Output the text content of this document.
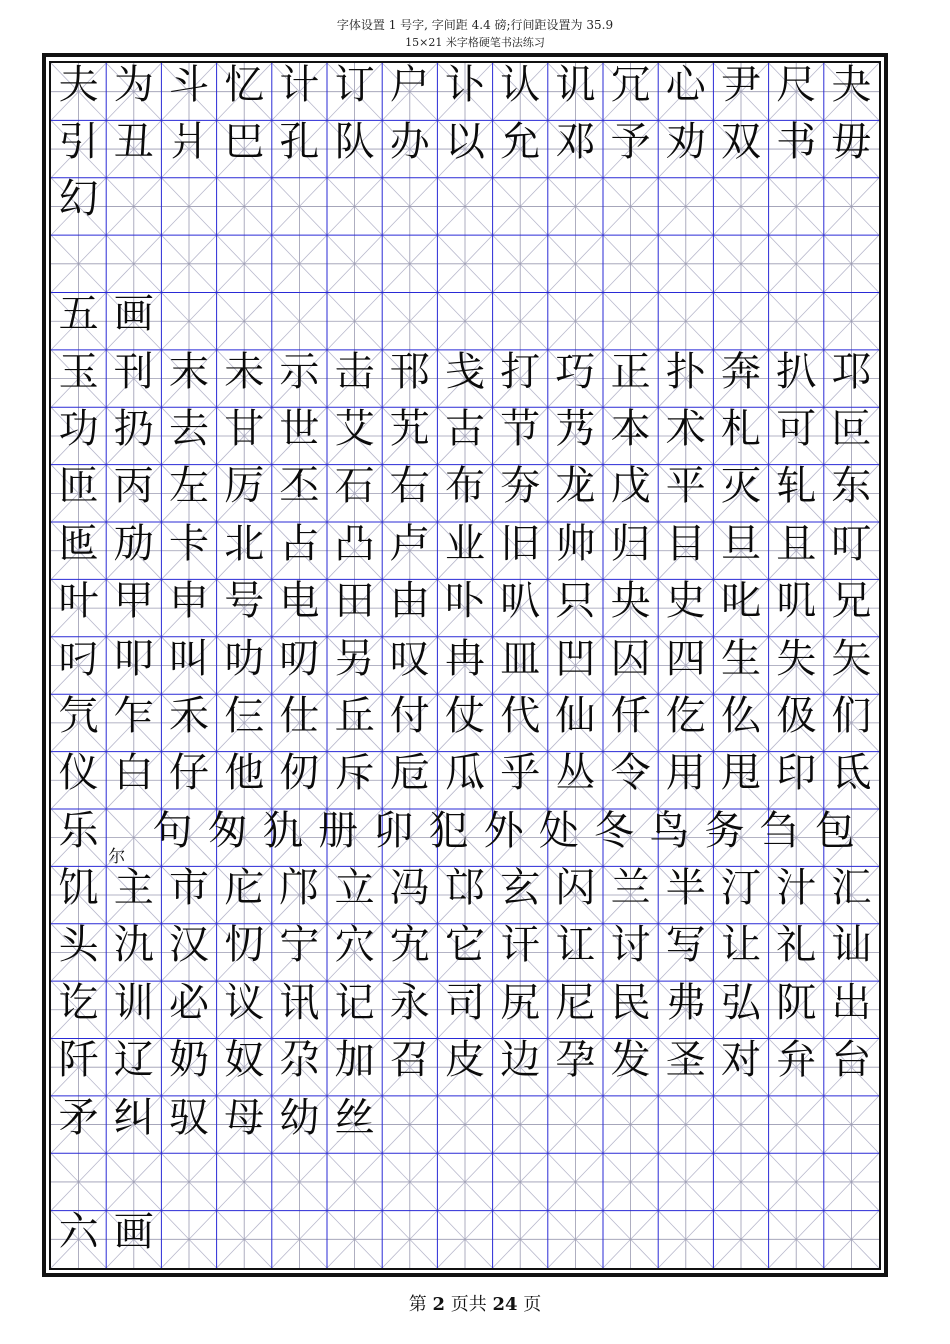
字体设置 1 号字, 字间距 4.4 磅;行间距设置为 35.9
15×21 米字格硬笔书法练习
夫 为 斗 忆 计 订 户 讣 认 讥 冗 心 尹 尺 夬
引 丑 爿 巴 孔 队 办 以 允 邓 予 劝 双 书 毋
幻
五 画
玉 刊 末 未 示 击 邗 戋 打 巧 正 扑 奔 扒 邛
功 扔 去 甘 世 艾 艽 古 节 艿 本 术 札 可 叵
匝 丙 左 厉 丕 石 右 布 夯 龙 戊 平 灭 轧 东
匜 劢 卡 北 占 凸 卢 业 旧 帅 归 目 旦 且 叮
叶 甲 申 号 电 田 由 卟 叭 只 央 史 叱 叽 兄
叼 叩 叫 叻 叨 另 叹 冉 皿 凹 囚 四 生 失 矢
氕 乍 禾 仨 仕 丘 付 仗 代 仙 仟 仡 仫 伋 们
仪 白 仔 他 仞 斥 卮 瓜 乎 丛 令 用 甩 印 氐
乐
饥 主 市 庀 邝 立 冯 邙 玄 闪 兰 半 汀 汁 汇
头 氿 汉 忉 宁 穴 宄 它 讦 讧 讨 写 让 礼 讪
讫 训 必 议 讯 记 永 司 尻 尼 民 弗 弘 阢 出
阡 辽 奶 奴 尕 加 召 皮 边 孕 发 圣 对 弁 台
矛 纠 驭 母 幼 丝
六 画
尔
句 匆 犰 册 卯 犯 外 处 冬 鸟 务 刍 包
第 2 页共 24 页
